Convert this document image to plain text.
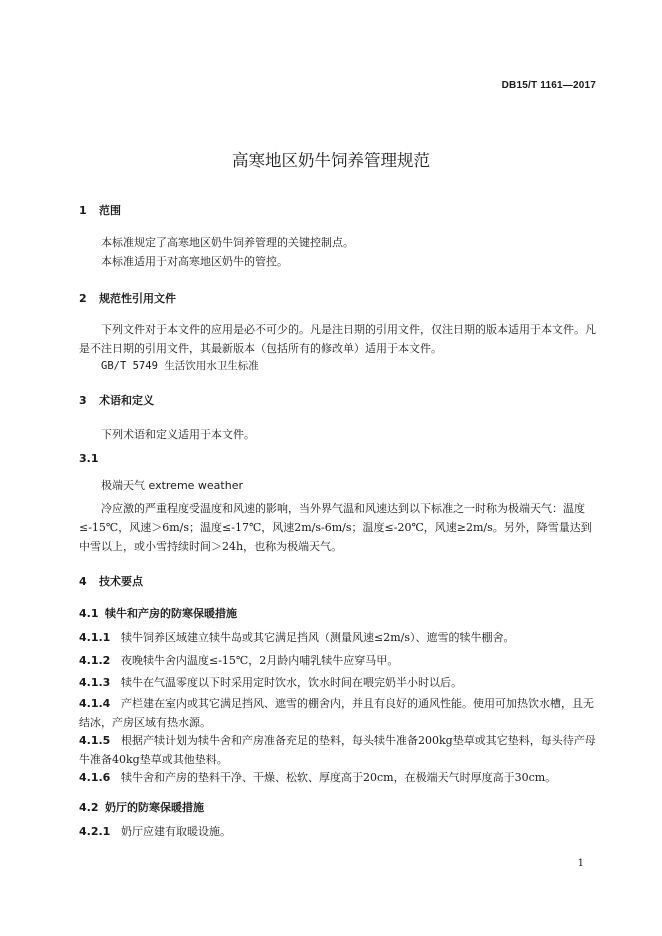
DB15/T 1161—2017
高寒地区奶牛饲养管理规范
1 范围
本标准规定了高寒地区奶牛饲养管理的关键控制点。
本标准适用于对高寒地区奶牛的管控。
2 规范性引用文件
下列文件对于本文件的应用是必不可少的。凡是注日期的引用文件，仅注日期的版本适用于本文件。凡是不注日期的引用文件，其最新版本（包括所有的修改单）适用于本文件。
GB/T 5749 生活饮用水卫生标准
3 术语和定义
下列术语和定义适用于本文件。
3.1
极端天气 extreme weather
冷应激的严重程度受温度和风速的影响，当外界气温和风速达到以下标准之一时称为极端天气：温度≤-15℃，风速＞6m/s；温度≤-17℃，风速2m/s-6m/s；温度≤-20℃，风速≥2m/s。另外，降雪量达到中雪以上，或小雪持续时间＞24h，也称为极端天气。
4 技术要点
4.1 犊牛和产房的防寒保暖措施
4.1.1 犊牛饲养区域建立犊牛岛或其它满足挡风（测量风速≤2m/s）、遮雪的犊牛棚舍。
4.1.2 夜晚犊牛舍内温度≤-15℃，2月龄内哺乳犊牛应穿马甲。
4.1.3 犊牛在气温零度以下时采用定时饮水，饮水时间在喂完奶半小时以后。
4.1.4 产栏建在室内或其它满足挡风、遮雪的棚舍内，并且有良好的通风性能。使用可加热饮水槽，且无结冰，产房区域有热水源。
4.1.5 根据产犊计划为犊牛舍和产房准备充足的垫料，每头犊牛准备200kg垫草或其它垫料，每头待产母牛准备40kg垫草或其他垫料。
4.1.6 犊牛舍和产房的垫料干净、干燥、松软、厚度高于20cm，在极端天气时厚度高于30cm。
4.2 奶厅的防寒保暖措施
4.2.1 奶厅应建有取暖设施。
1
